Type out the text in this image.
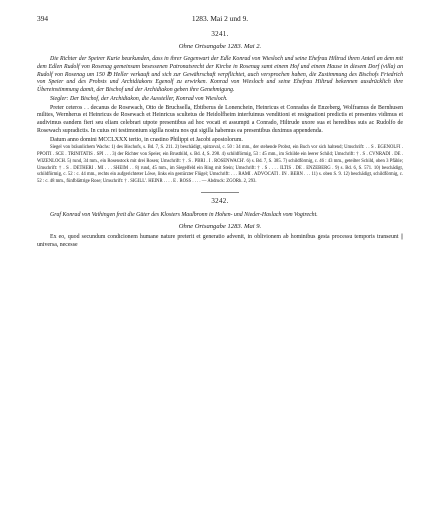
394	1283. Mai 2 und 9.
3241.
Ohne Ortsangabe 1283. Mai 2.

Die Richter der Speirer Kurie beurkunden, dass in ihrer Gegenwart der Edle Konrad von Wiesloch und seine Ehefrau Hiltrud ihren Anteil an dem mit dem Edlen Rudolf von Rosenag gemeinsam besessenen Patronatsrecht der Kirche in Rosenag samt einem Hof und einem Hause in diesem Dorf (villa) an Rudolf von Rosenag um 150 ℔ Heller verkauft und sich zur Gewährschaft verpflichtet, auch versprochen haben, die Zustimmung des Bischofs Friedrich von Speier und des Probsts und Archidiakons Egenolf zu erwirken. Konrad von Wiesloch und seine Ehefrau Hiltrud bekennen ausdrücklich ihre Übereinstimmung damit, der Bischof und der Archidiakon geben ihre Genehmigung.

Siegler: Der Bischof, der Archidiakon, die Aussteller, Konrad von Wiesloch.

Preter ceteros . . decanus de Rosewach, Otto de Bruchsella, Ebtiberus de Lonenchein, Heinricus et Conradus de Enzeberg, Wolframus de Bernhusen milites, Wernherus et Heinricus de Rosewach et Heinricus scultetus de Heidolfheim interfuimus venditioni et resignationi predictis et presentes vidimus et audivimus eandem fieri seu eliam celebrari utpote presentibus ad hoc vocati et assumpti a Conrado, Hiltrude uxore sua et heredibus suis ac Rudolfo de Rosewach supradictis. In cuius rei testimonium sigilla nostra nos qui sigilla habemus ea presentibus duximus appendenda.

Datum anno domini MCCLXXX tertio, in crastino Philippi et Jacobi apostolorum.

Siegel von bräunlichem Wachs: 1) des Bischofs, s. Bd. 7, S. 211. 2) beschädigt, spitzoval, c. 50 : 34 mm., der stehende Probst, ein Buch vor sich haltend; Umschrift: . . S . EGENOLFI . PPOITI . SCE . TRINITATIS . SPI . . . 3) der Richter von Speier, ein Brustbild, s. Bd. 4, S. 298. 4) schildförmig, 53 : 45 mm., im Schilde ein leerer Schild; Umschrift: † . S . CVNRADI . DE . WIZENLOCH. 5) rund, 34 mm., ein Rosenstock mit drei Rosen; Umschrift: † . S . PBRI . I . ROSENWACH'. 6) s. Bd. 7, S. 385. 7) schildförmig, c. 46 : 43 mm., geteilter Schild, oben 3 Pfähle; Umschrift: † . S . DETHERI . MI . . . SHEIM . . 8) rund, 45 mm., im Siegelfeld ein Ring mit Stein; Umschrift: † . S . . . . ILTIS . DE . ENZEBERG . 9) s. Bd. 6, S. 571. 10) beschädigt, schildförmig, c. 52 : c. 44 mm., rechts ein aufgerichteter Löwe, links ein gestürzter Flügel; Umschrift: . . . RAMI . ADVOCATI . IN . BERN . . . 11) s. oben S. 9. 12) beschädigt, schildförmig, c. 52 : c. 48 mm., fünfblättrige Rose; Umschrift: † . SIGILL'. HEINR . . . . E . ROSS . . . . — Abdruck: ZGORh. 2, 293.

3242.

Graf Konrad von Vaihingen freit die Güter des Klosters Maulbronn in Hohen- und Nieder-Haslach vom Vogtrecht.

Ohne Ortsangabe 1283. Mai 9.

Ex eo, quod secundum condicionem humane nature preterit et generatio advenit, in oblivionem ab hominibus gesta processu temporis transeunt || universa, necesse
